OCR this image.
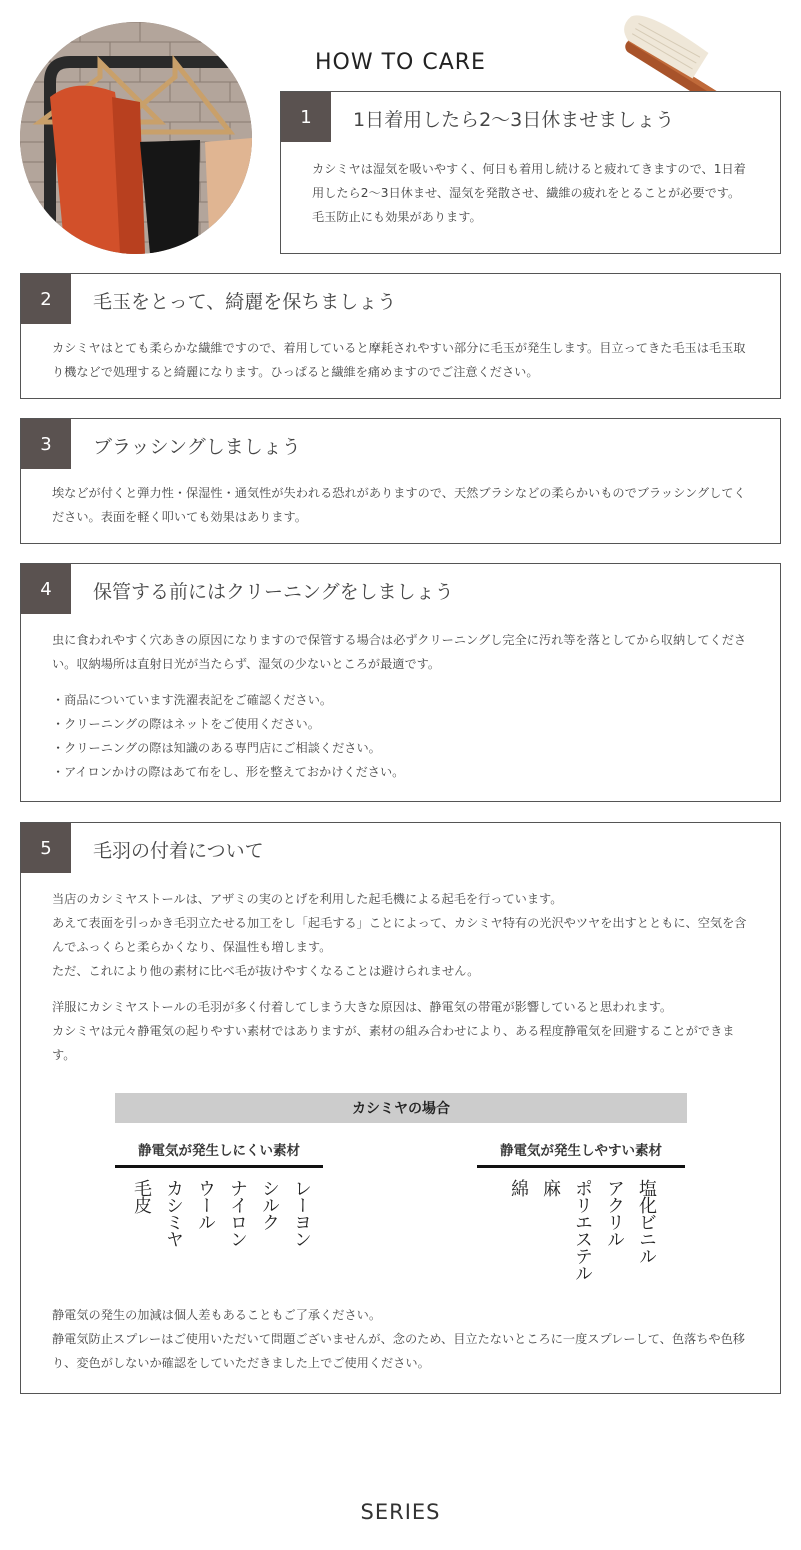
HOW TO CARE
1	1日着用したら2〜3日休ませましょう

カシミヤは湿気を吸いやすく、何日も着用し続けると疲れてきますので、1日着用したら2〜3日休ませ、湿気を発散させ、繊維の疲れをとることが必要です。毛玉防止にも効果があります。

2	毛玉をとって、綺麗を保ちましょう

カシミヤはとても柔らかな繊維ですので、着用していると摩耗されやすい部分に毛玉が発生します。目立ってきた毛玉は毛玉取り機などで処理すると綺麗になります。ひっぱると繊維を痛めますのでご注意ください。

3	ブラッシングしましょう

埃などが付くと弾力性・保湿性・通気性が失われる恐れがありますので、天然ブラシなどの柔らかいものでブラッシングしてください。表面を軽く叩いても効果はあります。

4	保管する前にはクリーニングをしましょう

虫に食われやすく穴あきの原因になりますので保管する場合は必ずクリーニングし完全に汚れ等を落としてから収納してください。収納場所は直射日光が当たらず、湿気の少ないところが最適です。

・商品についています洗濯表記をご確認ください。

・クリーニングの際はネットをご使用ください。

・クリーニングの際は知識のある専門店にご相談ください。

・アイロンかけの際はあて布をし、形を整えておかけください。

5	毛羽の付着について

当店のカシミヤストールは、アザミの実のとげを利用した起毛機による起毛を行っています。

あえて表面を引っかき毛羽立たせる加工をし「起毛する」ことによって、カシミヤ特有の光沢やツヤを出すとともに、空気を含んでふっくらと柔らかくなり、保温性も増します。

ただ、これにより他の素材に比べ毛が抜けやすくなることは避けられません。

洋服にカシミヤストールの毛羽が多く付着してしまう大きな原因は、静電気の帯電が影響していると思われます。

カシミヤは元々静電気の起りやすい素材ではありますが、素材の組み合わせにより、ある程度静電気を回避することができます。

カシミヤの場合
静電気が発生しにくい素材	静電気が発生しやすい素材
毛皮 カシミヤ ウール ナイロン シルク レーヨン	綿 麻 ポリエステル アクリル 塩化ビニル

静電気の発生の加減は個人差もあることもご了承ください。

静電気防止スプレーはご使用いただいて問題ございませんが、念のため、目立たないところに一度スプレーして、色落ちや色移り、変色がしないか確認をしていただきました上でご使用ください。

SERIES
